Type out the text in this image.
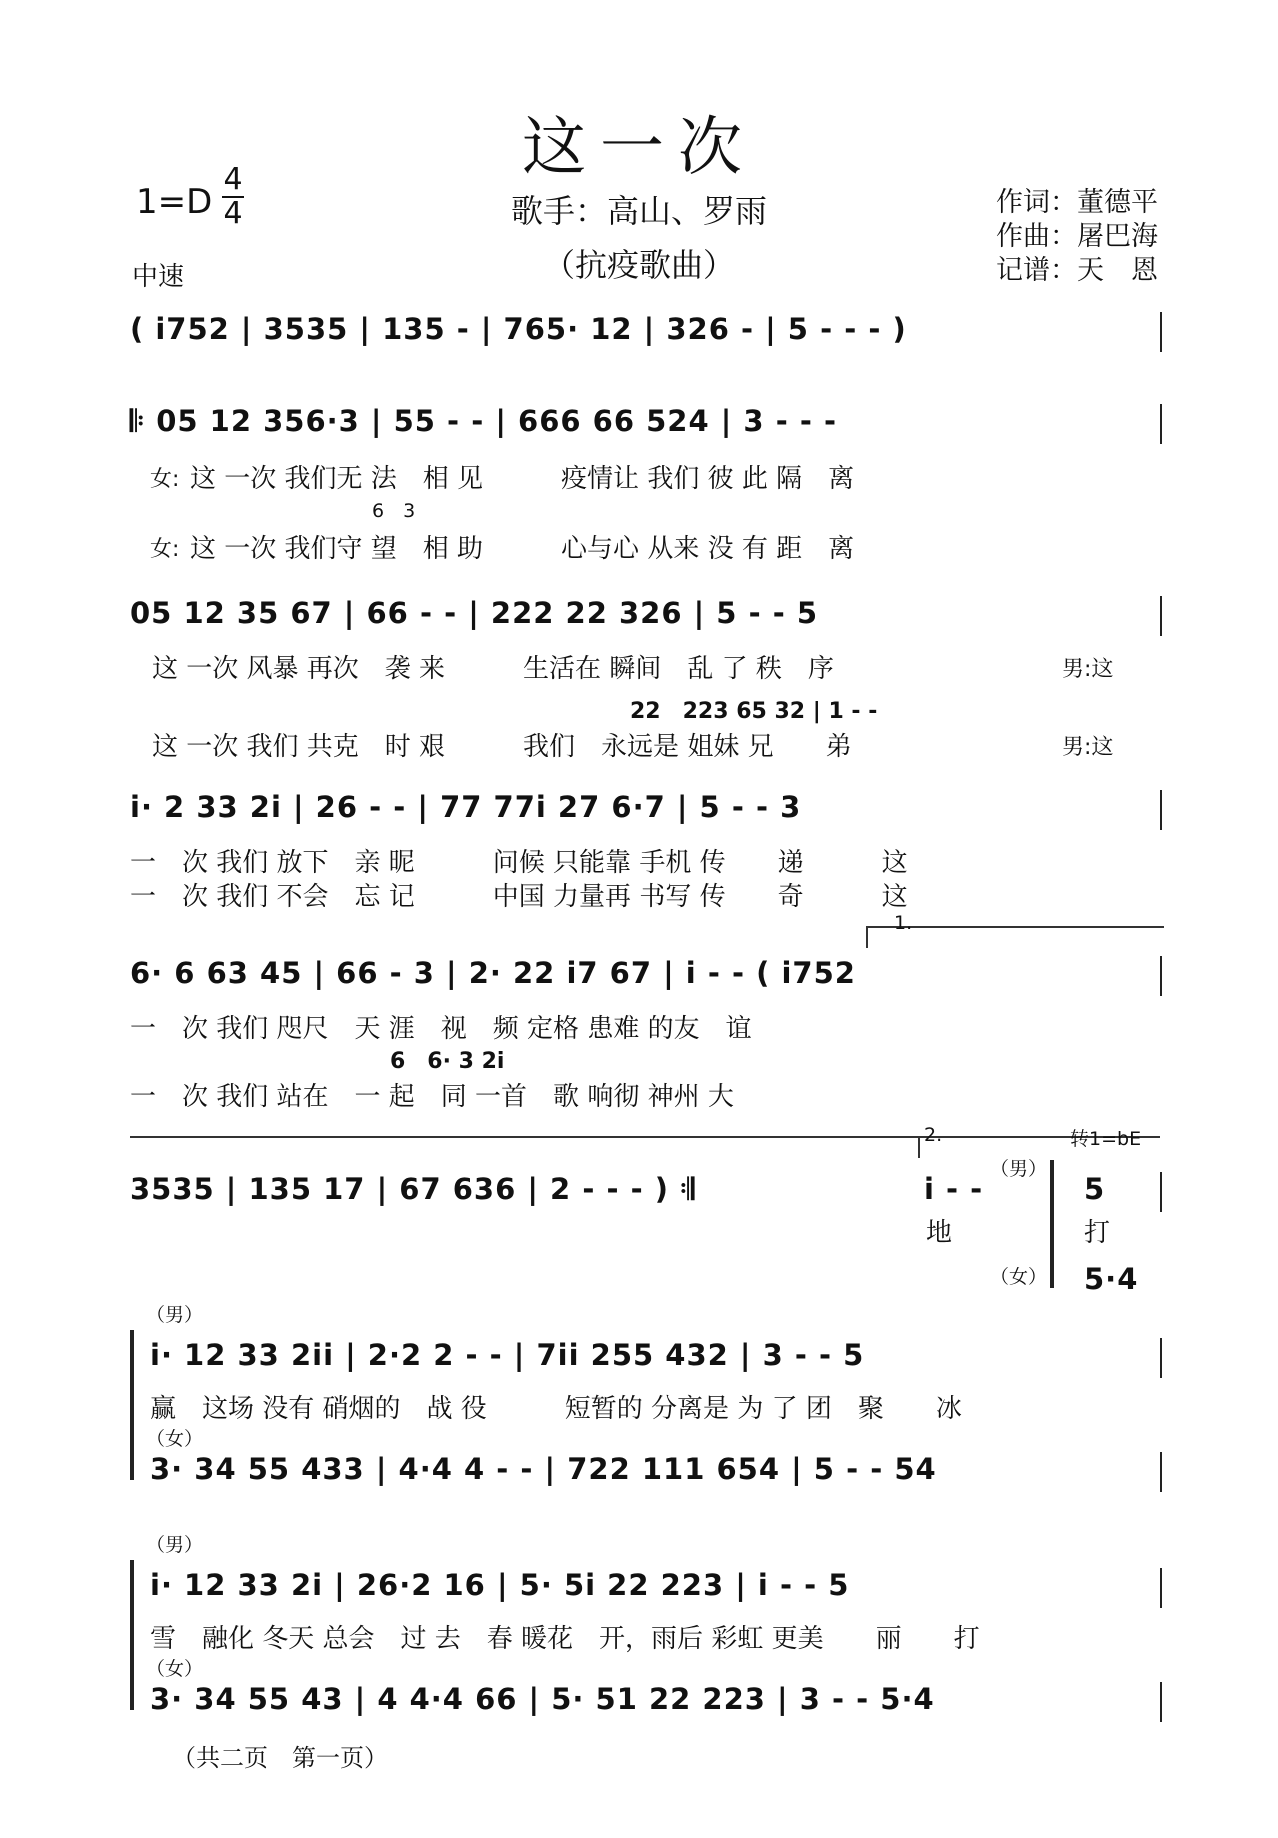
这一次
1=D
4
4
中速
歌手：高山、罗雨
（抗疫歌曲）
作词：董德平
作曲：屠巴海
记谱：天　恩
( i752 | 3535 | 135 - | 765· 12 | 326 - | 5 - - - )
𝄆 05 12 356·3 | 55 - - | 666 66 524 | 3 - - -
女: 这 一次 我们无 法　相 见　　　疫情让 我们 彼 此 隔　离
6　3
女: 这 一次 我们守 望　相 助　　　心与心 从来 没 有 距　离
05 12 35 67 | 66 - - | 222 22 326 | 5 - - 5
这 一次 风暴 再次　袭 来　　　生活在 瞬间　乱 了 秩　序	男:这
22　223 65 32 | 1 - -
这 一次 我们 共克　时 艰　　　我们　永远是 姐妹 兄　　弟	男:这
i· 2 33 2i | 26 - - | 77 77i 27 6·7 | 5 - - 3
一　次 我们 放下　亲 昵　　　问候 只能靠 手机 传　　递　　　这
一　次 我们 不会　忘 记　　　中国 力量再 书写 传　　奇　　　这
1.
6· 6 63 45 | 66 - 3 | 2· 22 i7 67 | i - - ( i752
一　次 我们 咫尺　天 涯　视　频 定格 患难 的友　谊
6　6· 3 2i
一　次 我们 站在　一 起　同 一首　歌 响彻 神州 大
2.	转1=bE
3535 | 135 17 | 67 636 | 2 - - - ) 𝄇	i - -
（男）
5
地	打
（女） 5·4
（男）
i· 12 33 2ii | 2·2 2 - - | 7ii 255 432 | 3 - - 5
赢　这场 没有 硝烟的　战 役　　　短暂的 分离是 为 了 团　聚　　冰
（女）
3· 34 55 433 | 4·4 4 - - | 722 111 654 | 5 - - 54
（男）
i· 12 33 2i | 26·2 16 | 5· 5i 22 223 | i - - 5
雪　融化 冬天 总会　过 去　春 暖花　开，雨后 彩虹 更美　　丽　　打
（女）
3· 34 55 43 | 4 4·4 66 | 5· 51 22 223 | 3 - - 5·4
（共二页　第一页）
